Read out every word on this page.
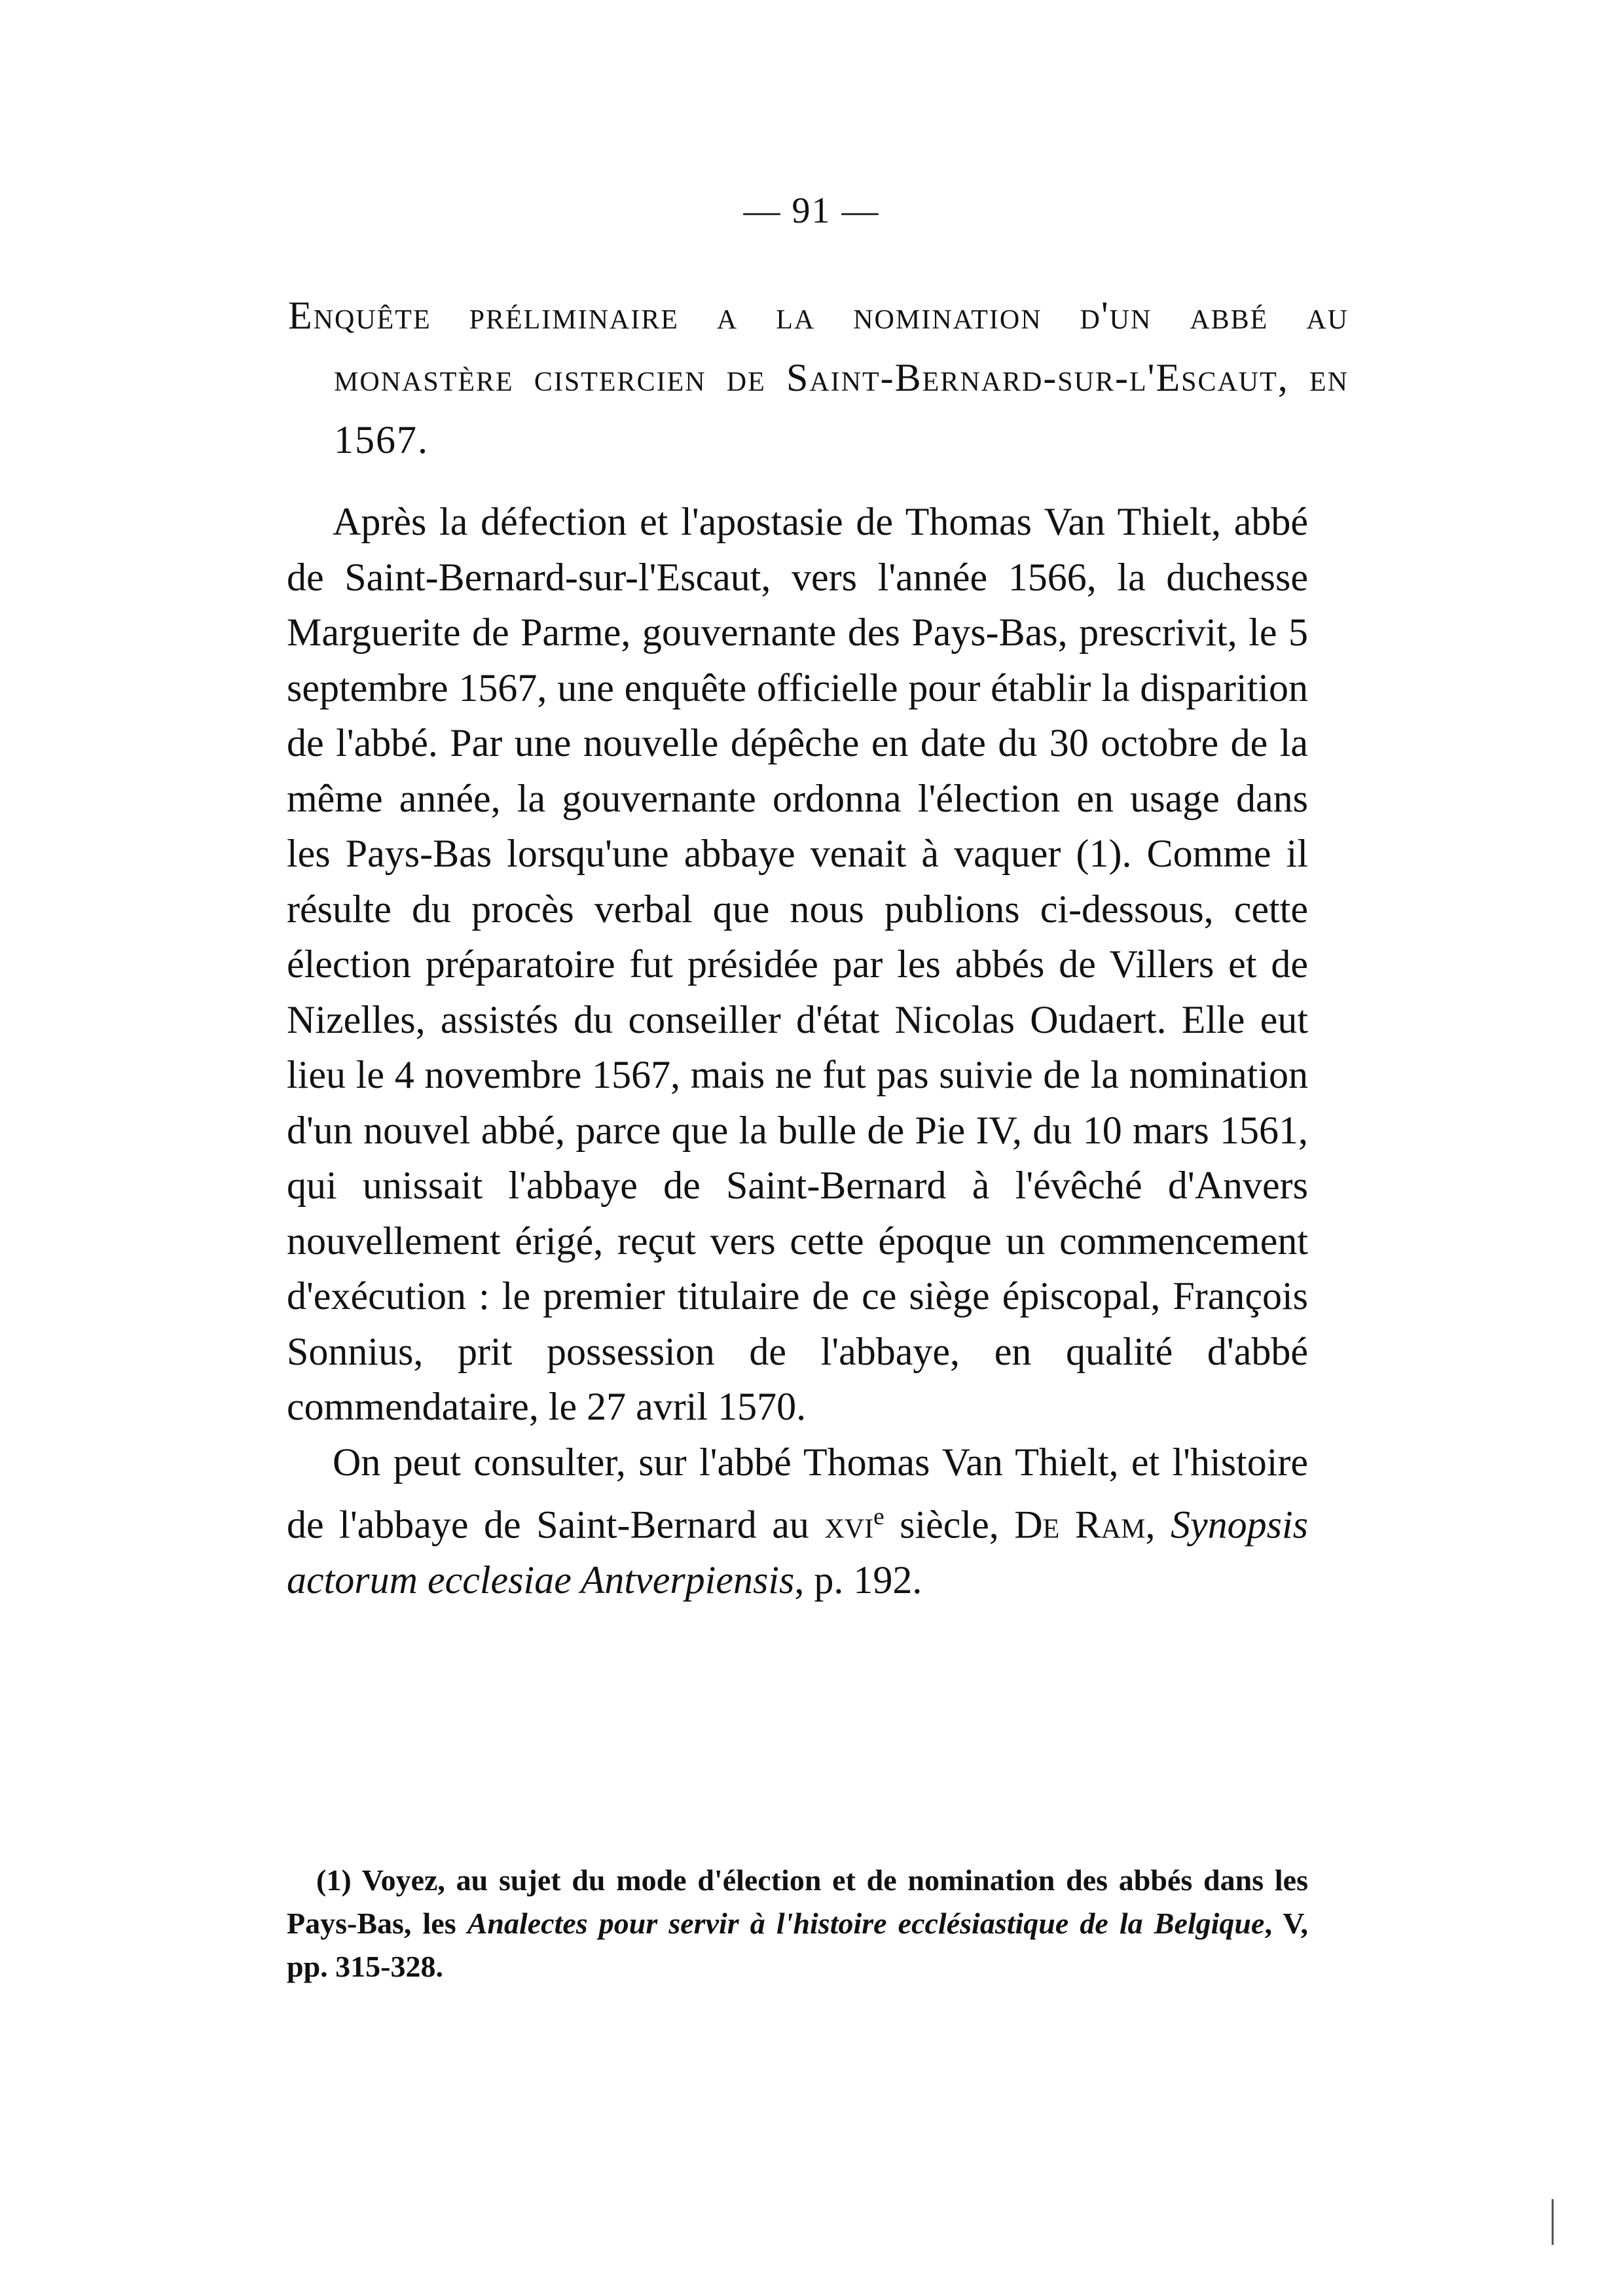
— 91 —
Enquête préliminaire a la nomination d'un abbé au monastère cistercien de Saint-Bernard-sur-l'Escaut, en 1567.

Après la défection et l'apostasie de Thomas Van Thielt, abbé de Saint-Bernard-sur-l'Escaut, vers l'année 1566, la duchesse Marguerite de Parme, gouvernante des Pays-Bas, prescrivit, le 5 septembre 1567, une enquête officielle pour établir la disparition de l'abbé. Par une nouvelle dépêche en date du 30 octobre de la même année, la gouvernante ordonna l'élection en usage dans les Pays-Bas lorsqu'une abbaye venait à vaquer (1). Comme il résulte du procès verbal que nous publions ci-dessous, cette élection préparatoire fut présidée par les abbés de Villers et de Nizelles, assistés du conseiller d'état Nicolas Oudaert. Elle eut lieu le 4 novembre 1567, mais ne fut pas suivie de la nomination d'un nouvel abbé, parce que la bulle de Pie IV, du 10 mars 1561, qui unissait l'abbaye de Saint-Bernard à l'évêché d'Anvers nouvellement érigé, reçut vers cette époque un commencement d'exécution : le premier titulaire de ce siège épiscopal, François Sonnius, prit possession de l'abbaye, en qualité d'abbé commendataire, le 27 avril 1570.

On peut consulter, sur l'abbé Thomas Van Thielt, et l'histoire de l'abbaye de Saint-Bernard au xvi$^e$ siècle, De Ram, Synopsis actorum ecclesiae Antverpiensis, p. 192.

(1) Voyez, au sujet du mode d'élection et de nomination des abbés dans les Pays-Bas, les Analectes pour servir à l'histoire ecclésiastique de la Belgique, V, pp. 315-328.
